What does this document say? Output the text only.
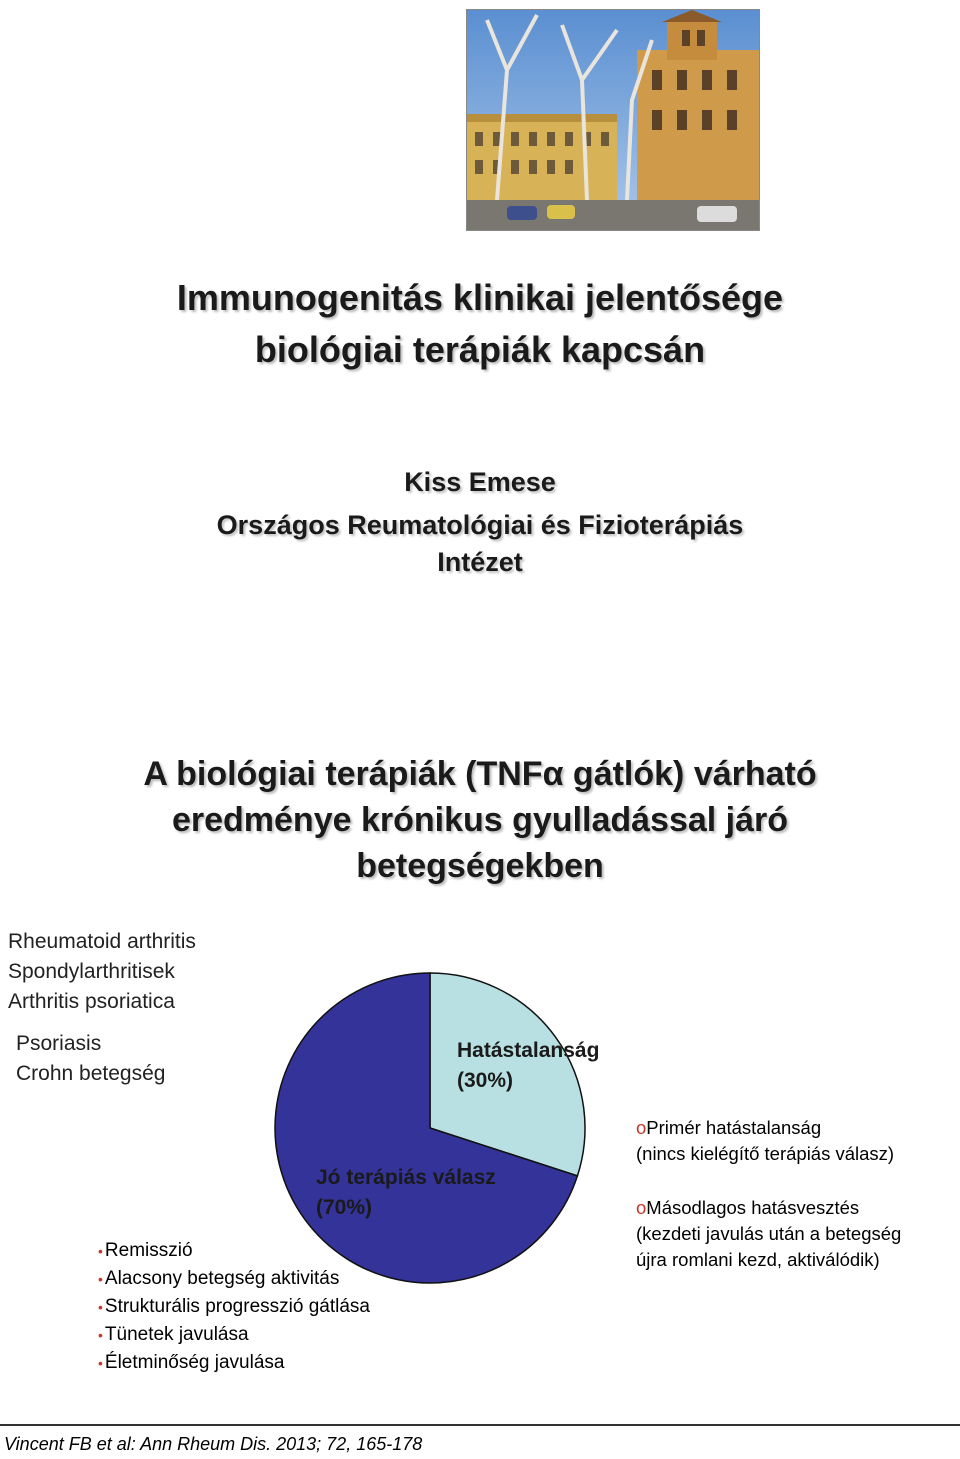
Immunogenitás klinikai jelentősége
biológiai terápiák kapcsán
Kiss Emese
Országos Reumatológiai és Fizioterápiás
Intézet
A biológiai terápiák (TNFα gátlók) várható
eredménye krónikus gyulladással járó
betegségekben
Rheumatoid arthritis
Spondylarthritisek
Arthritis psoriatica
Psoriasis
Crohn betegség
Hatástalanság
(30%)
Jó terápiás válasz
(70%)
• Remisszió
• Alacsony betegség aktivitás
• Strukturális progresszió gátlása
• Tünetek javulása
• Életminőség javulása
oPrimér hatástalanság
(nincs kielégítő terápiás válasz)
oMásodlagos hatásvesztés
(kezdeti javulás után a betegség
újra romlani kezd, aktiválódik)
Vincent FB et al: Ann Rheum Dis. 2013; 72, 165-178
